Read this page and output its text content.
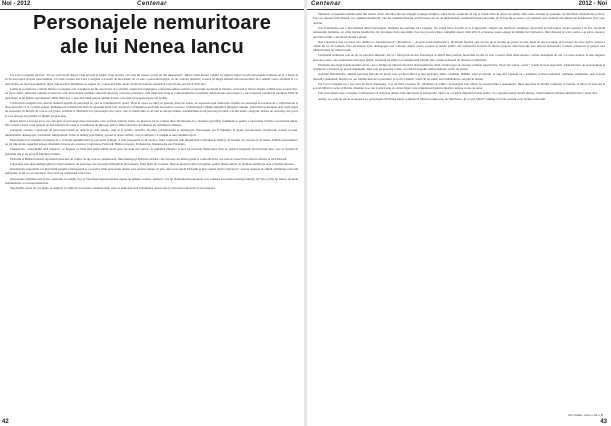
Noi - 2012	Centenar
Personajele nemuritoare
ale lui Nenea Iancu

Ion Luca Caragiale declara: "Eu nu scriu decât despre viaţa noastră şi pentru viaţa noastră, căci alta nu cunosc şi nici nu mă interesează". Multi critici literari români au sugerat faptul că prin personajele realizate de el, a încercat să îşi descopere propria personalitate. Cu toate acestea Ion Luca Caragiale a dovedit de mai multe ori că este o persoană integră, cu un caracter puternic, acestea pe lângă talentul său extraordinar de a urmări viaţa cotidiană şi a o descrie într-un mod surprinzător, după cum Garabet Ibrăileanu se augura că „a adus mai bine decât oricine în noitatea expresivă a epocii din secolul al XIX-lea”.

Luând în considerare criticile literare, Caragiale este considerat un fin observator al societăţii, reuşind să evidenţieze contrastele dintre realitate şi aparenţă, declaraţii şi intenţie, persoană şi masca afişată, redând toate acestea într-un mod comic, ilustrând comedia la nivel de artă. Personajele realizate surprind tipologii, caractere puternice, care ilustrează viaţa şi comportamentul actualitate. Dicţionarele personajelor a lui Caragiale cuprind în totalitate 1000 de personaje; al lui Balzac aproximativ 2000, fiind aşa, o idee mai bună asupra omului nostru, care sunt caracterele tipice ale vremii.

Criticul lui Caragiale este deseori analizat apariţii de personaje pe care le comentează în operă. Viaţa în opera sa, intră, în general, direct în teatru, iar aspectele sunt ilustrative, figurile de personaje se bucurau de o viaţă iluzorie şi mai expresivă ca la o primă vedere, îmbinând un realism mai mult de aparenţă decât real, ducând la evidenţierea mult mai frecventă a acestora. Dramaturgul română simplifică imaginea omului, astfel fiind prezentate doar două tipuri de personaje, în funcţie de care se pot grupa, poziţiile şi trăsăturile lor: personajul care joacă, care se transformă şi cel care se autoproclamă, considerându-se un personaj de bază. Cel din urmă, categorie, devine un personaj care joacă şi care doreşte să promită tot timpul propria idee.

Nenea Iancu a fost un actor, un cartograf cu personaje bine-cunoscute, care au făcut viaţă în teatru, iar plasarea lor în context duce întotdeauna la o tensiune specifică, formându-se pentru a reprezenta valorile caracterului uman. Din această cauză, toate operele au fost ilustrate în scenă şi considerate de întreaga ţară ca fiind adevărate documente ale spiritului românesc.

Caragiale creează o tipologie de personaje bazată pe defecte şi vicii umane, cum ar fi prostia, viclenia, lăcomia, parvenitismul şi demagogia. Personajele pot fi împărţite în tipuri: încornoratul, cuceritorul, rivalul, prostul, intelectualul, demagogul, parvenitul, funcţionarul. Toate se disting prin limbaj, gesturi şi ticuri verbale, care le definesc ca oameni ai unei anumite epoci.

Personajele lui Caragiale nu dispun de o evoluţie semnificativă pe parcursul acţiunii, ci sunt prezentate ca firi statice, fiind construite prin intermediul comicului de limbaj, de situaţie, de caracter şi de nume. Numele personajelor au rol important, sugerând adesea trăsăturile morale ale acestora: Caţavencu, Farfuridi, Brânzovenescu, Trahanache, Dandanache sau Pristanda.

Trahanache, „venerabilul nică Zaharia”, se impune ca fiind mai puţin bătrân decât pare, iar ticul său verbal „ai puţintică răbdare” îl face un personaj memorabil. Prin el, autorul surprinde încornoratul naiv, care se încrede în prietenul său şi nu acceptă adevărul evident.

Farfuridi şi Brânzovenescu reprezintă perechea de comici de tip care se completează, fiind demagogi lipsiţi de cultură, care folosesc un limbaj greşit şi contradictoriu, aşa cum se observă în celebrul discurs al lui Farfuridi.

Caţavencu este tipul demagogului şi al parvenitului, un personaj care foloseşte limbajul în mod abuziv, fiind lipsit de scrupule. Deşi se declară patriot şi luptător pentru binele public, în realitate urmăreşte doar propriile interese.

Dandanache reprezintă cea mai înaltă treaptă a demagogiei şi a prostiei, fiind personajul despre care autorul spunea că este „mai prost decât Farfuridi şi mai canalie decât Caţavencu”. Acesta reuşeşte să obţină candidatura datorită şantajului, la fel ca şi Caţavencu, doar că el nu returnează scrisoarea.

Personajele feminine sunt şi ele construite cu atenţie, Zoe şi Veta fiind reprezentantele tipului de femeie cochetă, adulteră, care îşi manipulează partenerii. Zoe conduce în realitate întreaga intrigă, iar Veta şi Ziţa îşi trăiesc dramele sentimentale cu aceeaşi intensitate.

Tipologiile create de Caragiale se regăsesc şi astăzi în societatea contemporană, ceea ce demonstrează actualitatea operei sale şi caracterul universal al personajelor.

42
Centenar	2012 - Noi

Tipătescu corespunde junelui-prim din teatrul clasic, încadrat într-un triunghi conjugal burghez, adică banal, suspectat de toţi şi transformat în obiect de şantaj. Din cauza dorinţei de aparenţe, îşi dezvăluie mentalitatea şi firea. Este un orgolios fără măsură, cu o gândire medievală, care îşi consideră funcţia politică drept un act de misionarism, realizează falsul prea mult, iar în faţa lui se opresc toţi oamenii, sub cuvântul său nimeni nu îndrăzneşte să ia vreo decizie.

Zoe Trahanache este o mai distinsă dintre personajele feminine ale teatrului lui Caragiale. Nu există nicio dovadă că ar fi ignorantă, vulgară sau lipsită de sentiment. Încercând să lasă bunna curată, aparent a în fost anormală lamentaţiei feminine, iar când devine insuficient, îşi dovedeşte forţa autorităţii. Zoe nu-şi poate păstra cumpătul atunci când află că scrisoarea poate ajunge în mâinile lui Caţavencu, fiind dispusă la orice pentru a-şi salva onoarea, devenind astfel o adevărată eroină a piesei.

Nae Caţavencu este avocatul care umblă cu „machiavelicon” (Machiavel – „Scopul scuză mijloacele”). Motivaţia faptelor sale trecute de la dorinţa de putere şi bani, lipsit de orice scrupul, el foloseşte de orice mijloc pentru a obţine un loc în Cameră. Este parvenitul tipic, demagogul care vorbeşte despre patrie, progres şi binele public, dar acţionează exclusiv în interes propriu. Discursul său este plin de nonsensuri, formule pompoase şi greşeli care trădează lipsa de cultură reală.

Cetăţeanul turmentat este un tip cu adevărat simpatic, dar şi o faţă gravă de stat. Personajul se mişcă între partide, încercând să afle cu cine votează, fiind omul simplu, confuz, manipulat de toţi. Cu toate acestea, el este singurul personaj onest, care returnează scrisoarea găsită, devenind un simbol al bunului-simţ pierdut într-o lume dominată de interese şi minciună.

Pristanda este tipul funcţionarului servil, care a învăţat să trăiască din mici matrapazlâcuri, fiind oricând gata să execute ordinele superiorilor. Ticul său verbal „curat”, folosit în mod nepotrivit, trădează lipsa de personalitate şi dorinţa de a fi mereu pe placul stăpânului. Deşi este un personaj comic, el reflectă tragedia omului mărunt, strivit de sistem.

Agamiţă Dandanache, ultimul personaj introdus în piesă, este cel mai ridicol şi mai periculos dintre candidaţi. Bâlbâit, senil şi ramolit, el vine din Capitală cu o susţinere politică puternică, obţinând candidatura prin aceeaşi metodă a şantajului. Replica sa „eu familia mea de la patruzeci şi opt în Cameră” arată cât de adânc este înrădăcinată corupţia în sistem.

Ion Luca Caragiale nu a fost doar un mare dramaturg, ci şi un mare prozator. În „Momente şi schiţe”, personajele sale trăiesc în aceeaşi lume a aparenţelor, fiind surprinse în situaţii cotidiene, la berărie, la birou, în tren sau la şcoală. Mitică, Lache şi Mache, Domnul Goe sau Costică sunt tot atâtea figuri care completează galeria tipurilor umane create de autor.

Prin personajele sale, Caragiale a demonstrat că defectele umane sunt universale şi atemporale. Opera sa a rezistat timpului tocmai pentru că a surprins esenţa naturii umane, transformând realitatea imediată într-o mare artă.

Astăzi, la o sută de ani de la moartea sa, personajele lui Nenea Iancu continuă să trăiască printre noi, iar întrebarea „în ce ţară trăim?” rămâne la fel de actuală ca în vremea autorului.

Zuc Iulian, clasa a XI-a B
43
